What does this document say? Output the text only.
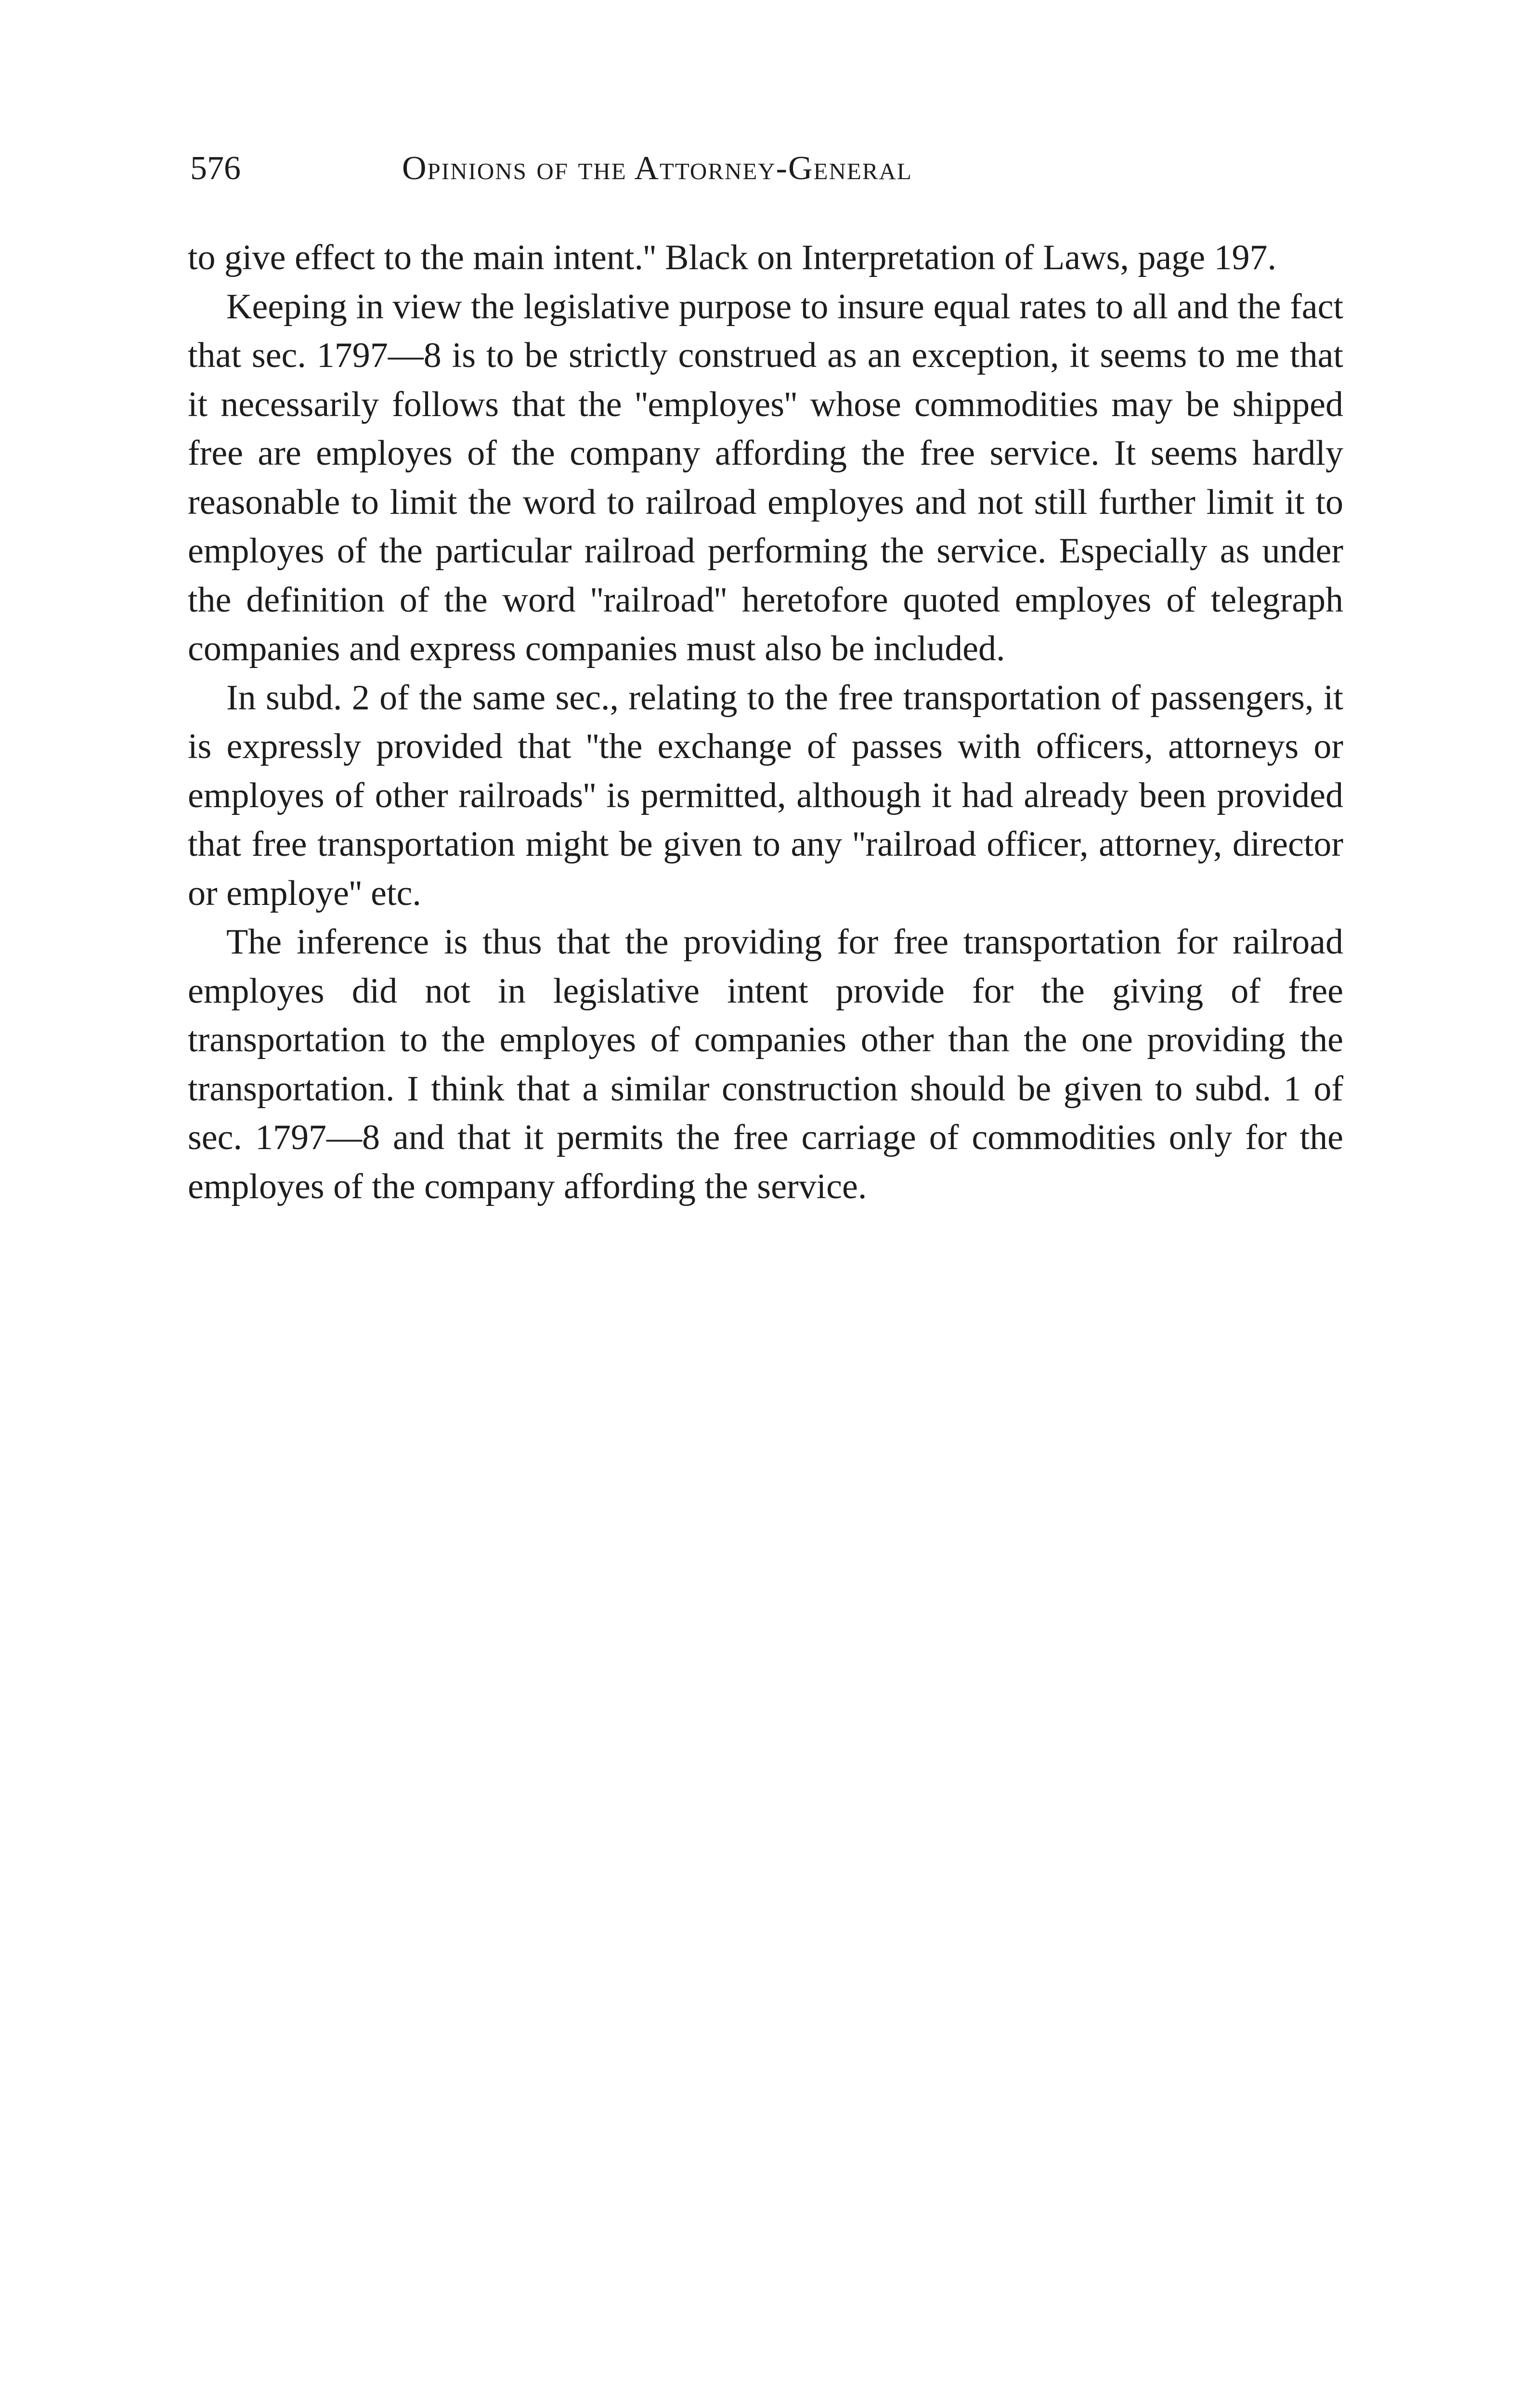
576	Opinions of the Attorney-General

to give effect to the main intent.'' Black on Interpretation of Laws, page 197.

Keeping in view the legislative purpose to insure equal rates to all and the fact that sec. 1797—8 is to be strictly construed as an exception, it seems to me that it necessarily follows that the ''employes'' whose commodities may be shipped free are employes of the company affording the free service. It seems hardly reasonable to limit the word to railroad employes and not still further limit it to employes of the particular railroad performing the service. Especially as under the definition of the word ''railroad'' heretofore quoted employes of telegraph companies and express companies must also be included.

In subd. 2 of the same sec., relating to the free transportation of passengers, it is expressly provided that ''the exchange of passes with officers, attorneys or employes of other railroads'' is permitted, although it had already been provided that free transportation might be given to any ''railroad officer, attorney, director or employe'' etc.

The inference is thus that the providing for free transportation for railroad employes did not in legislative intent provide for the giving of free transportation to the employes of companies other than the one providing the transportation. I think that a similar construction should be given to subd. 1 of sec. 1797—8 and that it permits the free carriage of commodities only for the employes of the company affording the service.
